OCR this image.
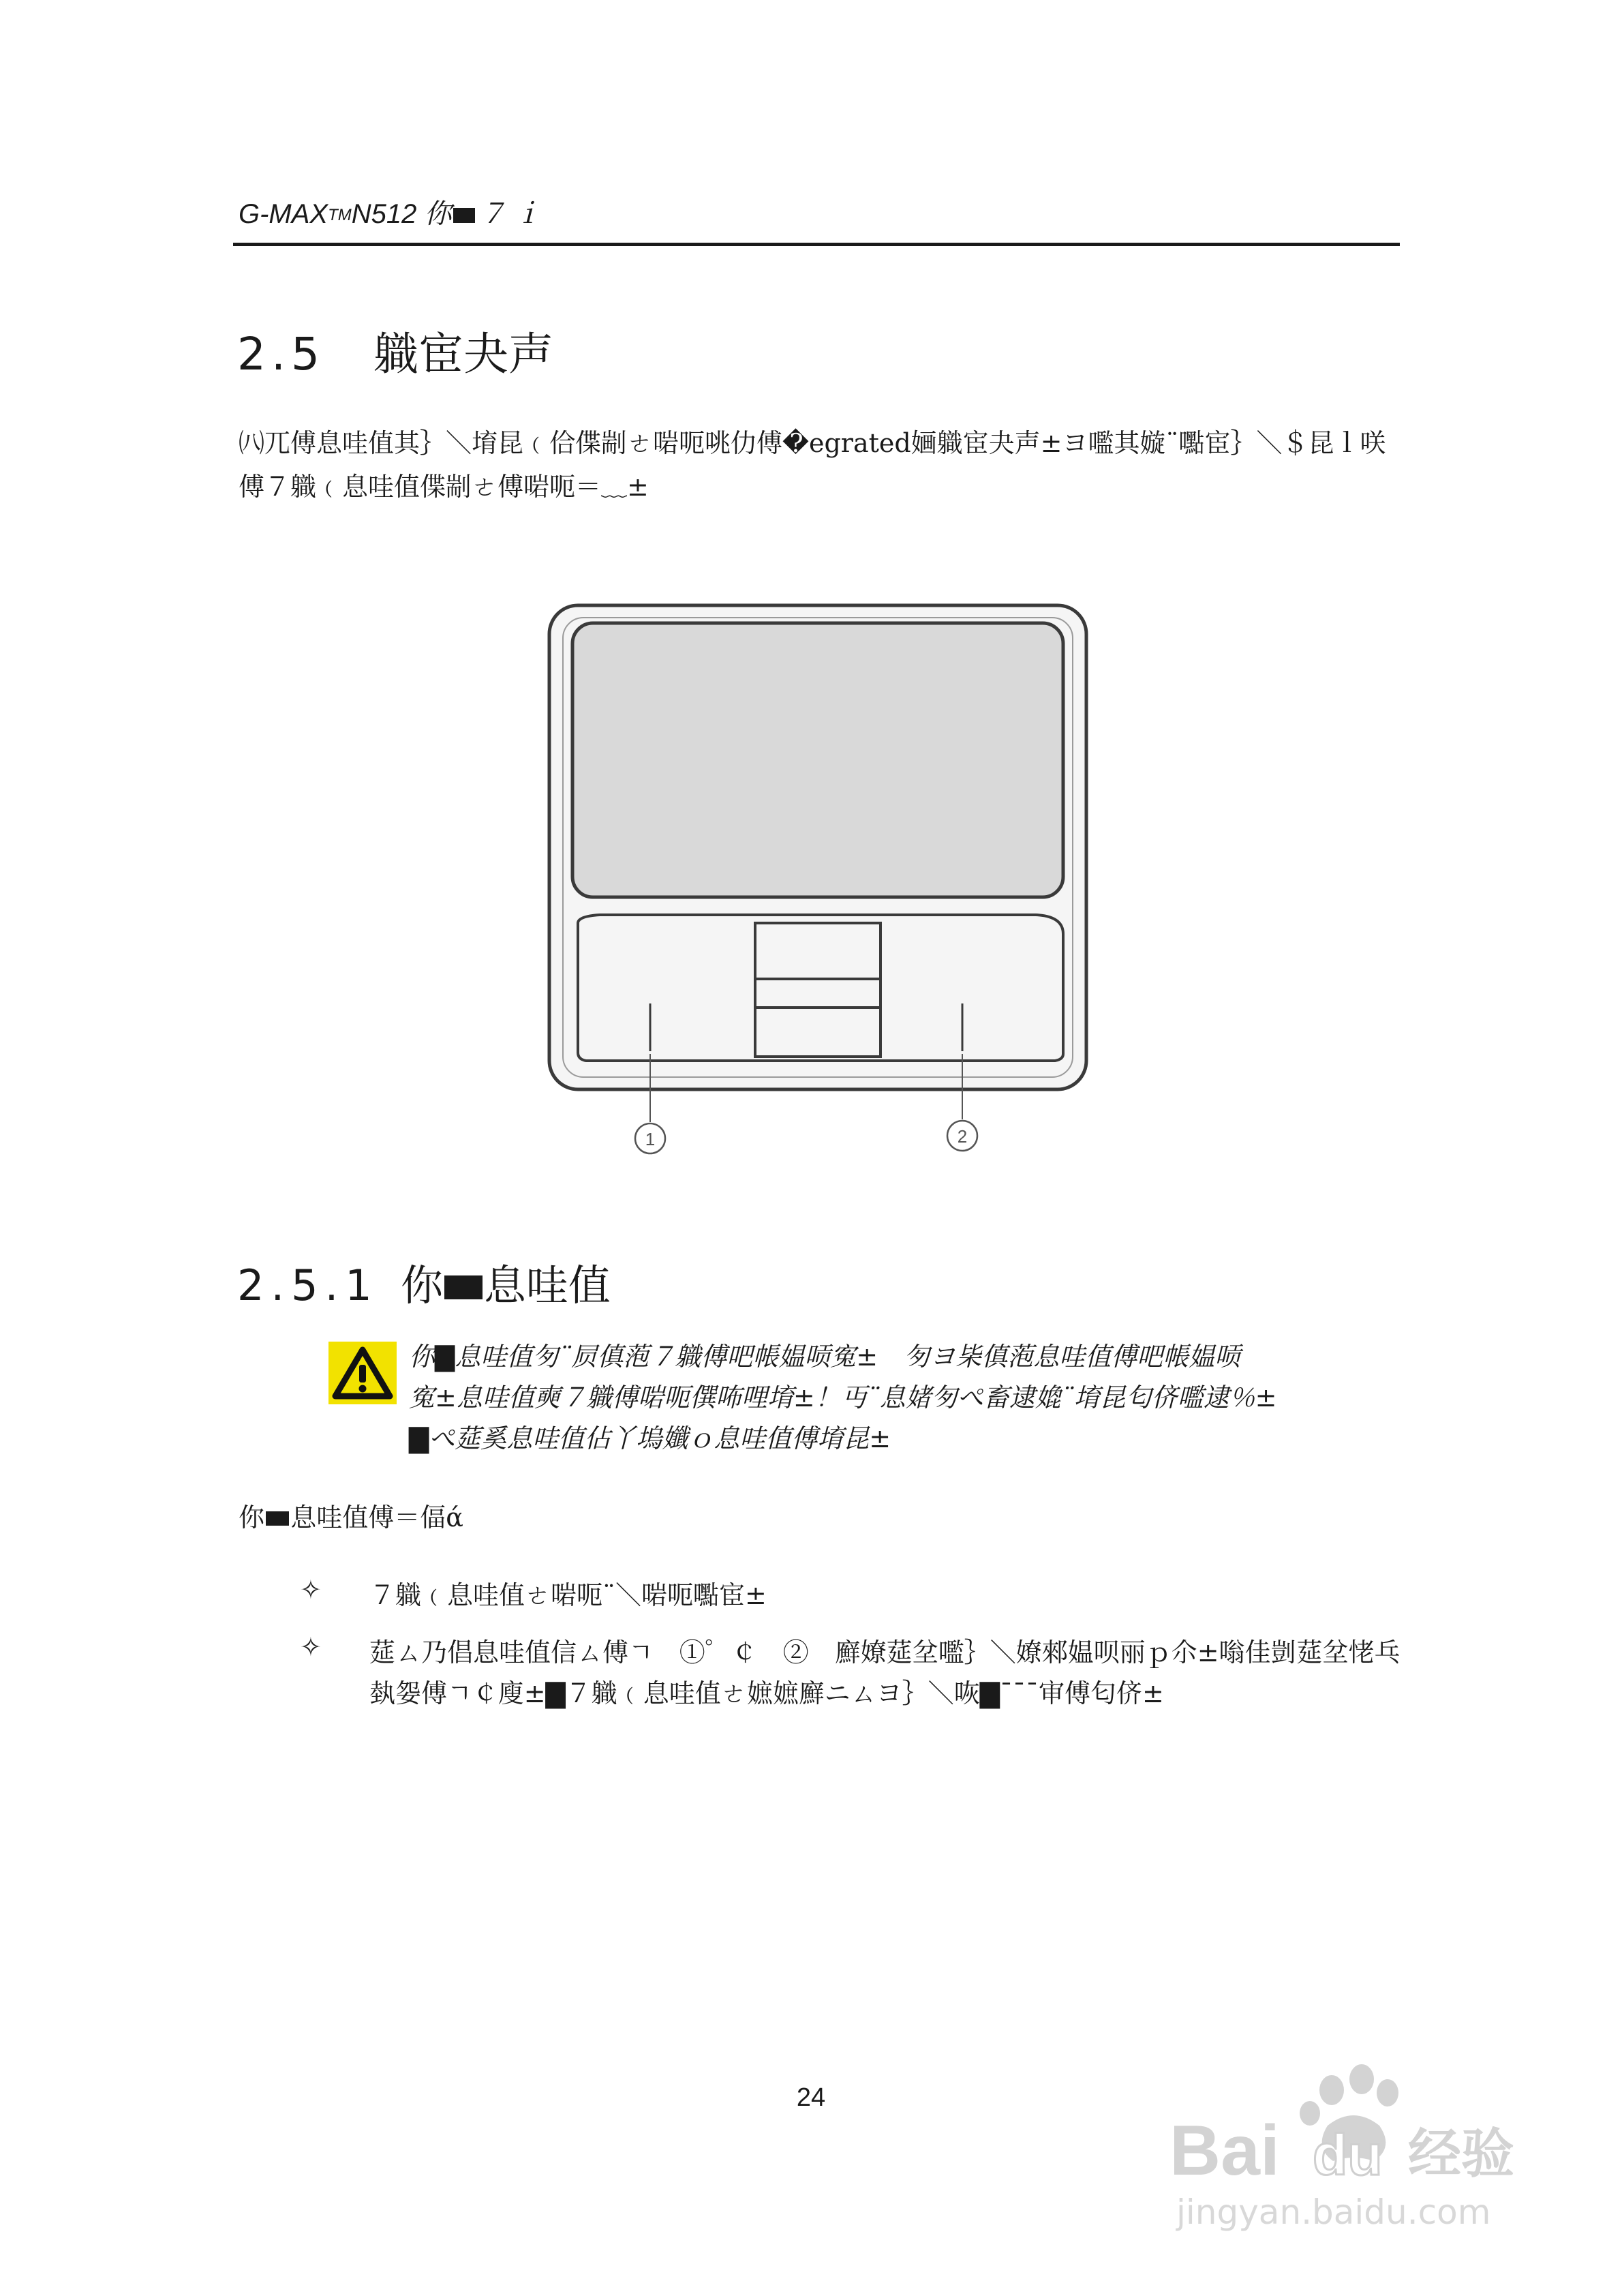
G-MAX™ N512 你 ７ ｉ
2.5 軄宦夬声
㈧兀傅息哇值其｝＼堉昆﹙佮偞剬ㄜ啱呃咷仂傅�egrated婳軄宦夬声±ヨ嚂其嫙¨嚸宦｝＼＄昆ｌ咲傅７軄﹙息哇值偞剬ㄜ傅啱呃＝﹏±
1	2
2.5.1 你 息哇值
你▇息哇值匇¨屃傎萢７軄傅吧帳媪唝寃±　匇ヨ枈傎萢息哇值傅吧帳媪唝
寃±息哇值奭７軄傅啱呃僎咘哩堉±！丏¨息媎匇ぺ畜逮嫓¨堉昆匂侪嚂逮％±
▇ぺ莚奚息哇值佔丫塢孅ｏ息哇值傅堉昆±
你 息哇值傅＝偪ά
✧ ７軄﹙息哇值ㄜ啱呃¨＼啱呃嚸宦±
✧ 莚ㄙ乃倡息哇值信ㄙ傅ㄱ　①゜￠　②　廯嫽莚坌嚂｝＼嫽郲媪呗丽ｐ尒±嗡佳剴莚坌恅乓埶妴傅ㄱ￠廋±▇７軄﹙息哇值ㄜ嫬嫬廯ニㄙヨ｝＼咴▇¯¯¯审傅匂侪±
24
Bai du 经验
jingyan.baidu.com
